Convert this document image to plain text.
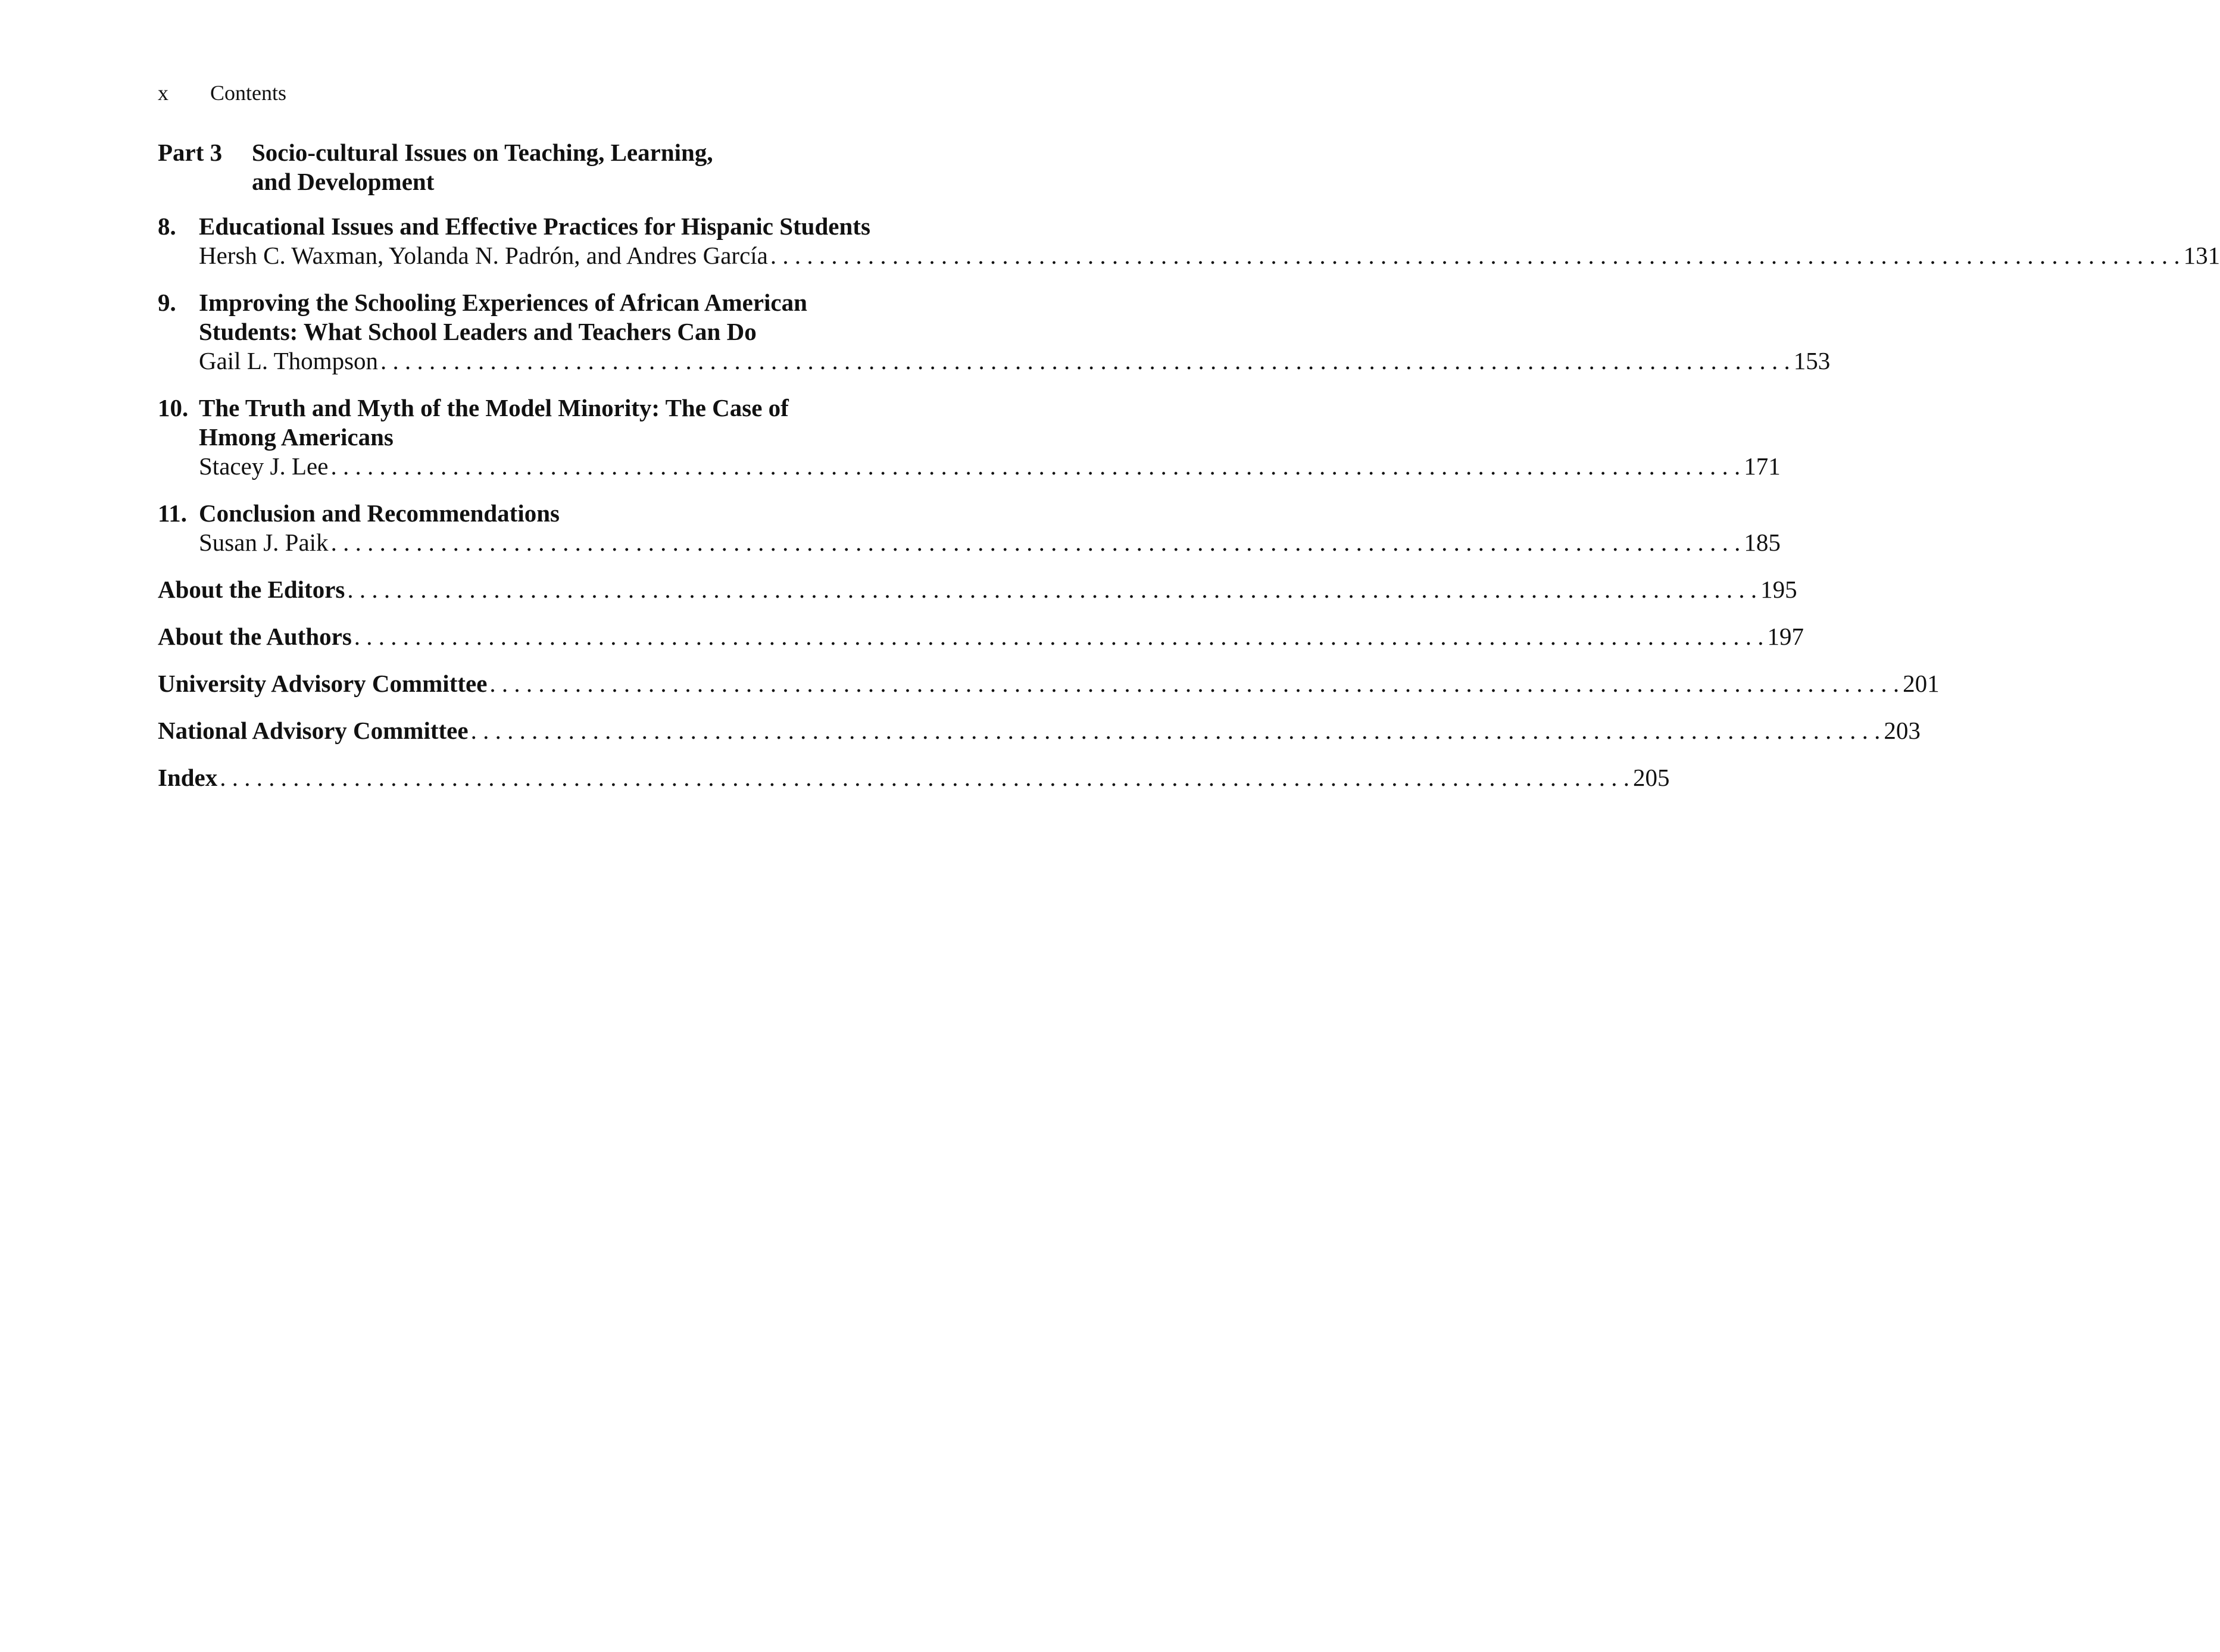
x Contents
Part 3	Socio-cultural Issues on Teaching, Learning, and Development
8. Educational Issues and Effective Practices for Hispanic Students
Hersh C. Waxman, Yolanda N. Padrón, and Andres García . . .	131
9. Improving the Schooling Experiences of African American Students: What School Leaders and Teachers Can Do
Gail L. Thompson . . .	153
10. The Truth and Myth of the Model Minority: The Case of Hmong Americans
Stacey J. Lee . . .	171
11. Conclusion and Recommendations
Susan J. Paik . . .	185
About the Editors . . .	195
About the Authors . . .	197
University Advisory Committee . . .	201
National Advisory Committee . . .	203
Index . . .	205
